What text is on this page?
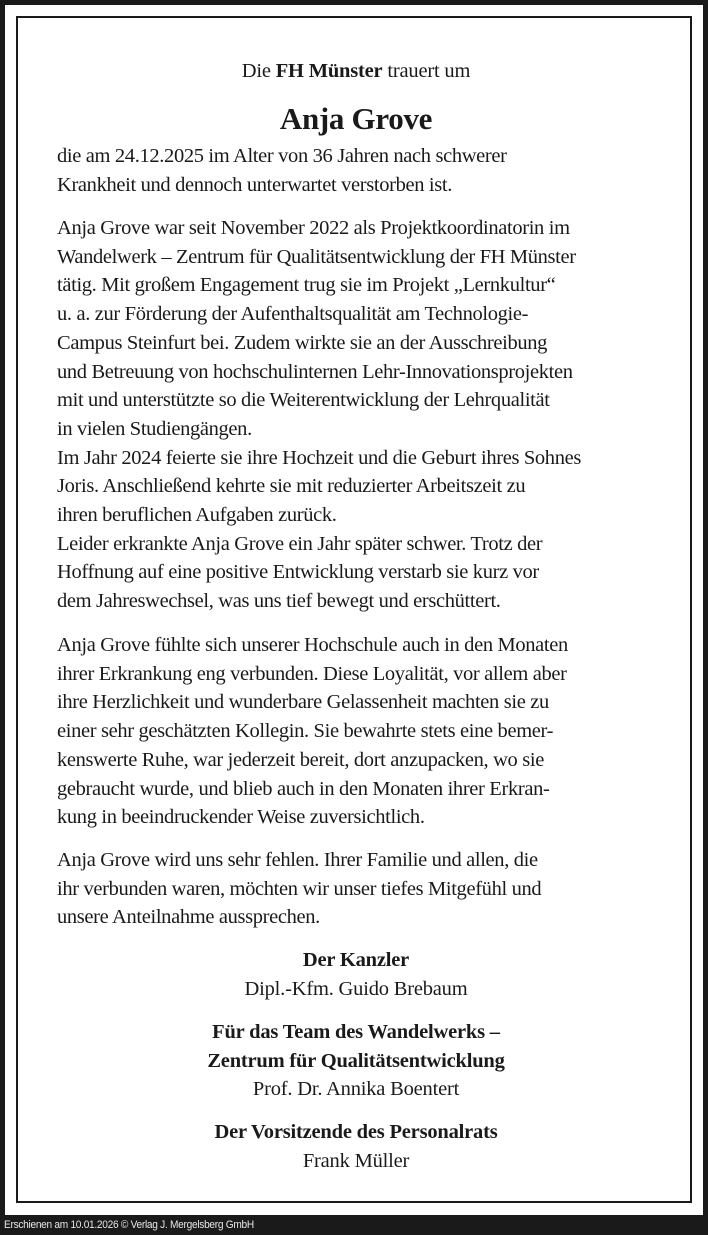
Die FH Münster trauert um
Anja Grove
die am 24.12.2025 im Alter von 36 Jahren nach schwerer
Krankheit und dennoch unterwartet verstorben ist.
Anja Grove war seit November 2022 als Projektkoordinatorin im
Wandelwerk – Zentrum für Qualitätsentwicklung der FH Münster
tätig. Mit großem Engagement trug sie im Projekt „Lernkultur“
u. a. zur Förderung der Aufenthaltsqualität am Technologie-
Campus Steinfurt bei. Zudem wirkte sie an der Ausschreibung
und Betreuung von hochschulinternen Lehr-Innovationsprojekten
mit und unterstützte so die Weiterentwicklung der Lehrqualität
in vielen Studiengängen.
Im Jahr 2024 feierte sie ihre Hochzeit und die Geburt ihres Sohnes
Joris. Anschließend kehrte sie mit reduzierter Arbeitszeit zu
ihren beruflichen Aufgaben zurück.
Leider erkrankte Anja Grove ein Jahr später schwer. Trotz der
Hoffnung auf eine positive Entwicklung verstarb sie kurz vor
dem Jahreswechsel, was uns tief bewegt und erschüttert.
Anja Grove fühlte sich unserer Hochschule auch in den Monaten
ihrer Erkrankung eng verbunden. Diese Loyalität, vor allem aber
ihre Herzlichkeit und wunderbare Gelassenheit machten sie zu
einer sehr geschätzten Kollegin. Sie bewahrte stets eine bemer-
kenswerte Ruhe, war jederzeit bereit, dort anzupacken, wo sie
gebraucht wurde, und blieb auch in den Monaten ihrer Erkran-
kung in beeindruckender Weise zuversichtlich.
Anja Grove wird uns sehr fehlen. Ihrer Familie und allen, die
ihr verbunden waren, möchten wir unser tiefes Mitgefühl und
unsere Anteilnahme aussprechen.
Der Kanzler
Dipl.-Kfm. Guido Brebaum
Für das Team des Wandelwerks –
Zentrum für Qualitätsentwicklung
Prof. Dr. Annika Boentert
Der Vorsitzende des Personalrats
Frank Müller
Erschienen am 10.01.2026 © Verlag J. Mergelsberg GmbH
